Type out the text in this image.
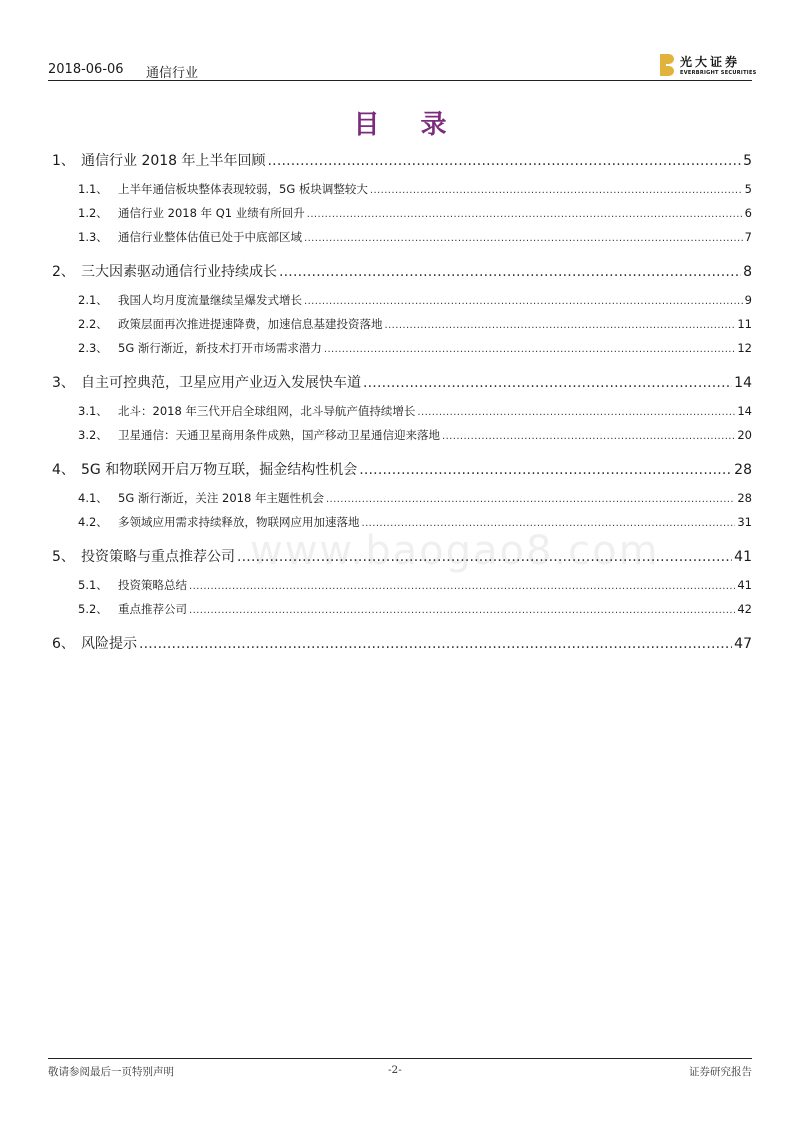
2018-06-06 通信行业
光大证券
EVERBRIGHT SECURITIES
目 录
www.baogao8.com
1、 通信行业 2018 年上半年回顾 .....	5
1.1、 上半年通信板块整体表现较弱，5G 板块调整较大 .....	5
1.2、 通信行业 2018 年 Q1 业绩有所回升 .....	6
1.3、 通信行业整体估值已处于中底部区域 .....	7
2、 三大因素驱动通信行业持续成长 .....	8
2.1、 我国人均月度流量继续呈爆发式增长 .....	9
2.2、 政策层面再次推进提速降费，加速信息基建投资落地 .....	11
2.3、 5G 渐行渐近，新技术打开市场需求潜力 .....	12
3、 自主可控典范，卫星应用产业迈入发展快车道 .....	14
3.1、 北斗：2018 年三代开启全球组网，北斗导航产值持续增长 .....	14
3.2、 卫星通信：天通卫星商用条件成熟，国产移动卫星通信迎来落地 .....	20
4、 5G 和物联网开启万物互联，掘金结构性机会 .....	28
4.1、 5G 渐行渐近，关注 2018 年主题性机会 .....	28
4.2、 多领域应用需求持续释放，物联网应用加速落地 .....	31
5、 投资策略与重点推荐公司 .....	41
5.1、 投资策略总结 .....	41
5.2、 重点推荐公司 .....	42
6、 风险提示 .....	47
敬请参阅最后一页特别声明	-2-	证券研究报告
